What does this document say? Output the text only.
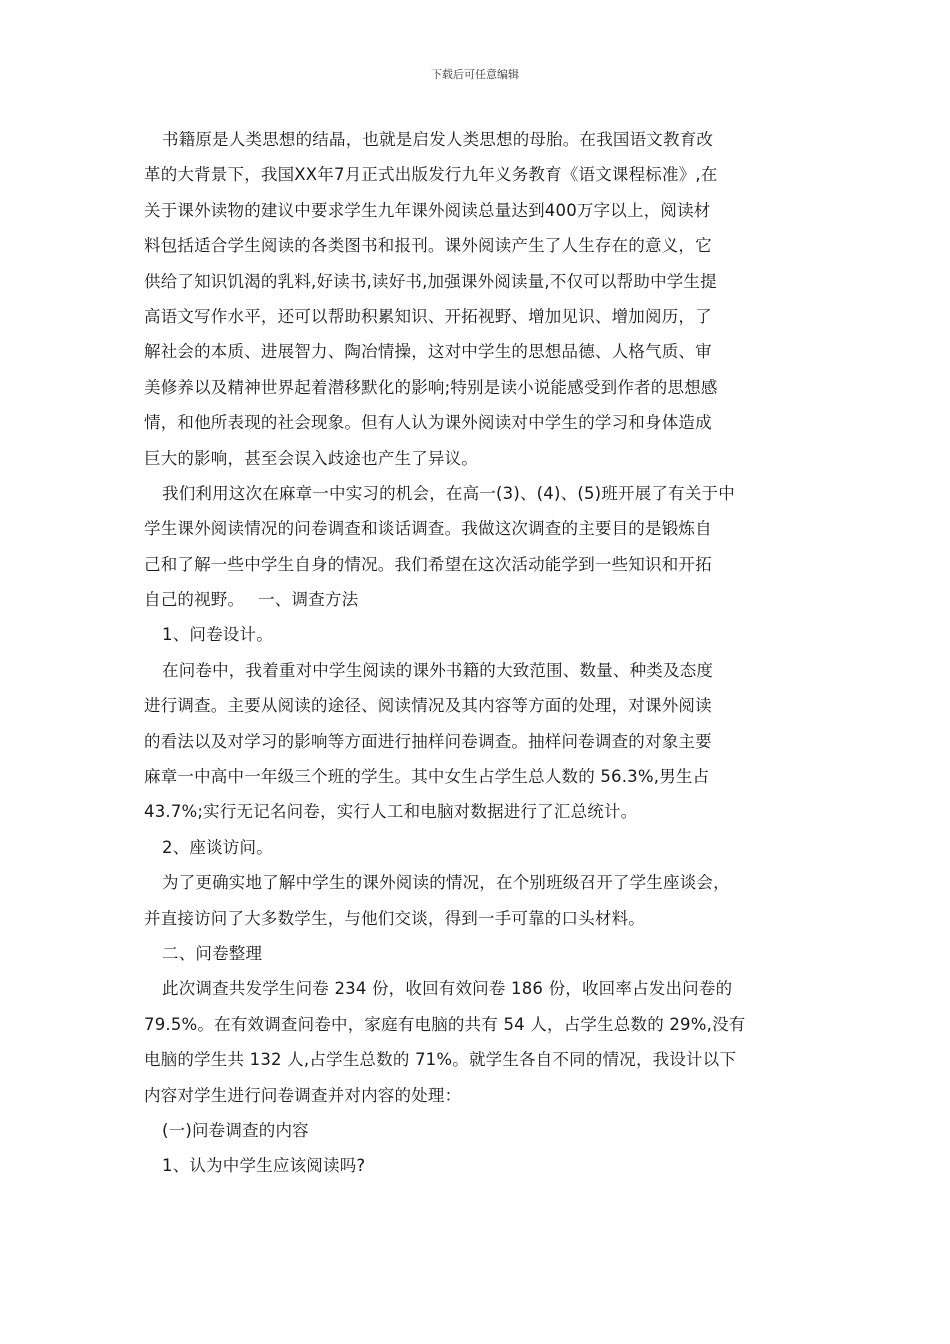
下载后可任意编辑
书籍原是人类思想的结晶，也就是启发人类思想的母胎。在我国语文教育改
革的大背景下，我国XX年7月正式出版发行九年义务教育《语文课程标准》,在
关于课外读物的建议中要求学生九年课外阅读总量达到400万字以上，阅读材
料包括适合学生阅读的各类图书和报刊。课外阅读产生了人生存在的意义，它
供给了知识饥渴的乳料,好读书,读好书,加强课外阅读量,不仅可以帮助中学生提
高语文写作水平，还可以帮助积累知识、开拓视野、增加见识、增加阅历，了
解社会的本质、进展智力、陶冶情操，这对中学生的思想品德、人格气质、审
美修养以及精神世界起着潜移默化的影响;特别是读小说能感受到作者的思想感
情，和他所表现的社会现象。但有人认为课外阅读对中学生的学习和身体造成
巨大的影响，甚至会误入歧途也产生了异议。
我们利用这次在麻章一中实习的机会，在高一(3)、(4)、(5)班开展了有关于中
学生课外阅读情况的问卷调查和谈话调查。我做这次调查的主要目的是锻炼自
己和了解一些中学生自身的情况。我们希望在这次活动能学到一些知识和开拓
自己的视野。　 一、调查方法
1、问卷设计。
在问卷中，我着重对中学生阅读的课外书籍的大致范围、数量、种类及态度
进行调查。主要从阅读的途径、阅读情况及其内容等方面的处理，对课外阅读
的看法以及对学习的影响等方面进行抽样问卷调查。抽样问卷调查的对象主要
麻章一中高中一年级三个班的学生。其中女生占学生总人数的 56.3%,男生占
43.7%;实行无记名问卷，实行人工和电脑对数据进行了汇总统计。
2、座谈访问。
为了更确实地了解中学生的课外阅读的情况，在个别班级召开了学生座谈会，
并直接访问了大多数学生，与他们交谈，得到一手可靠的口头材料。
二、问卷整理
此次调查共发学生问卷 234 份，收回有效问卷 186 份，收回率占发出问卷的
79.5%。在有效调查问卷中，家庭有电脑的共有 54 人，占学生总数的 29%,没有
电脑的学生共 132 人,占学生总数的 71%。就学生各自不同的情况，我设计以下
内容对学生进行问卷调查并对内容的处理：
(一)问卷调查的内容
1、认为中学生应该阅读吗?
